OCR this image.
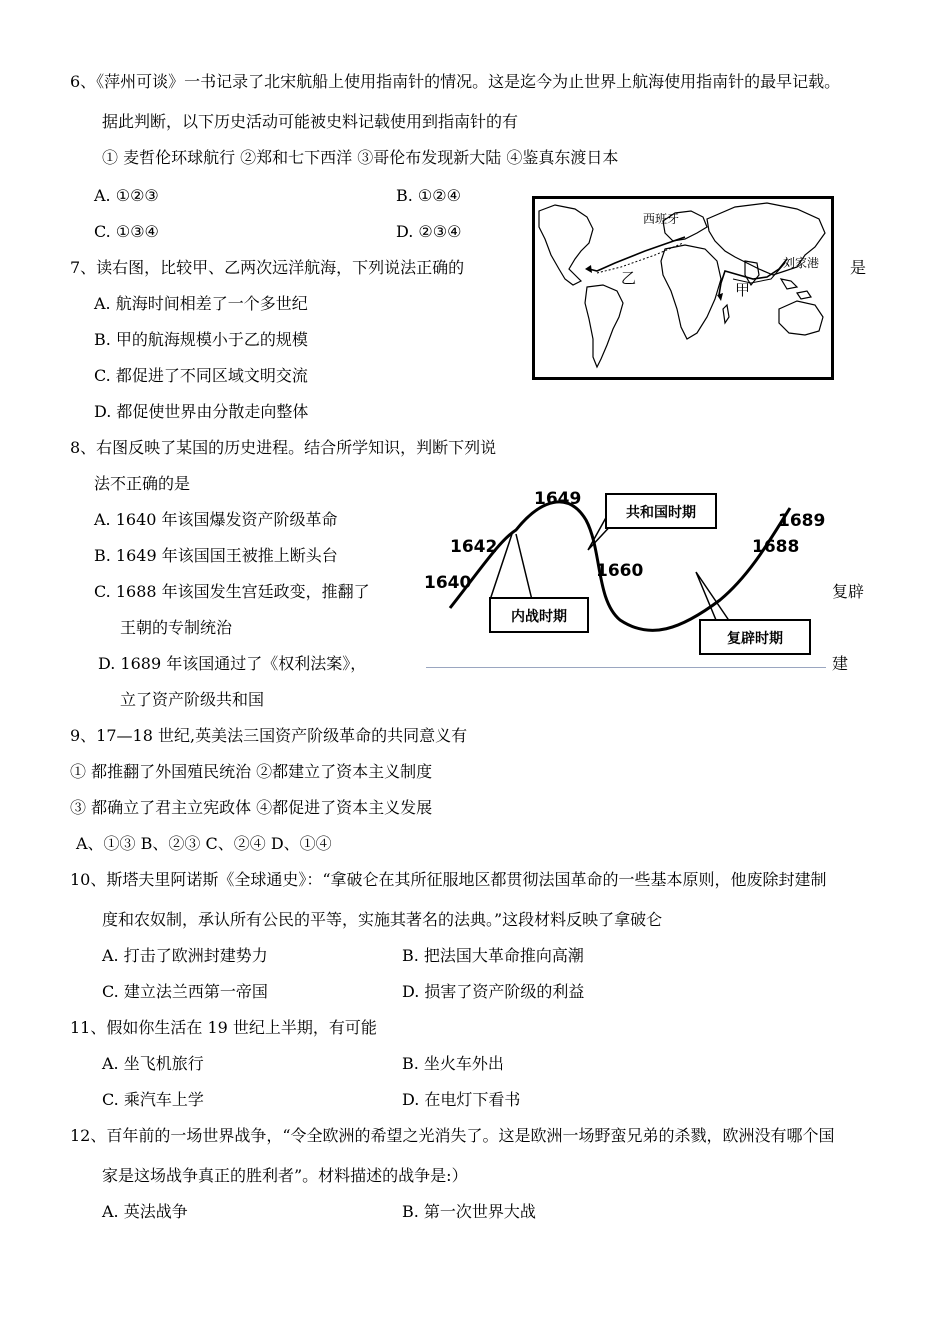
6、《萍州可谈》一书记录了北宋航船上使用指南针的情况。这是迄今为止世界上航海使用指南针的最早记载。
据此判断，以下历史活动可能被史料记载使用到指南针的有
① 麦哲伦环球航行 ②郑和七下西洋 ③哥伦布发现新大陆 ④鉴真东渡日本
A. ①②③	B. ①②④
C. ①③④	D. ②③④
西班牙
乙
甲
刘家港
7、读右图，比较甲、乙两次远洋航海，下列说法正确的	是
A. 航海时间相差了一个多世纪
B. 甲的航海规模小于乙的规模
C. 都促进了不同区域文明交流
D. 都促使世界由分散走向整体
8、右图反映了某国的历史进程。结合所学知识，判断下列说
法不正确的是
A. 1640 年该国爆发资产阶级革命
B. 1649 年该国国王被推上断头台
C. 1688 年该国发生宫廷政变，推翻了	复辟
王朝的专制统治
D. 1689 年该国通过了《权利法案》，	建
立了资产阶级共和国
内战时期
共和国时期
复辟时期
1640
1642
1649
1660
1688
1689
9、17—18 世纪,英美法三国资产阶级革命的共同意义有
① 都推翻了外国殖民统治 ②都建立了资本主义制度
③ 都确立了君主立宪政体 ④都促进了资本主义发展
A、①③ B、②③ C、②④ D、①④
10、斯塔夫里阿诺斯《全球通史》：“拿破仑在其所征服地区都贯彻法国革命的一些基本原则，他废除封建制
度和农奴制，承认所有公民的平等，实施其著名的法典。”这段材料反映了拿破仑
A. 打击了欧洲封建势力	B. 把法国大革命推向高潮
C. 建立法兰西第一帝国	D. 损害了资产阶级的利益
11、假如你生活在 19 世纪上半期，有可能
A. 坐飞机旅行	B. 坐火车外出
C. 乘汽车上学	D. 在电灯下看书
12、百年前的一场世界战争，“令全欧洲的希望之光消失了。这是欧洲一场野蛮兄弟的杀戮，欧洲没有哪个国
家是这场战争真正的胜利者”。材料描述的战争是:）
A. 英法战争	B. 第一次世界大战
